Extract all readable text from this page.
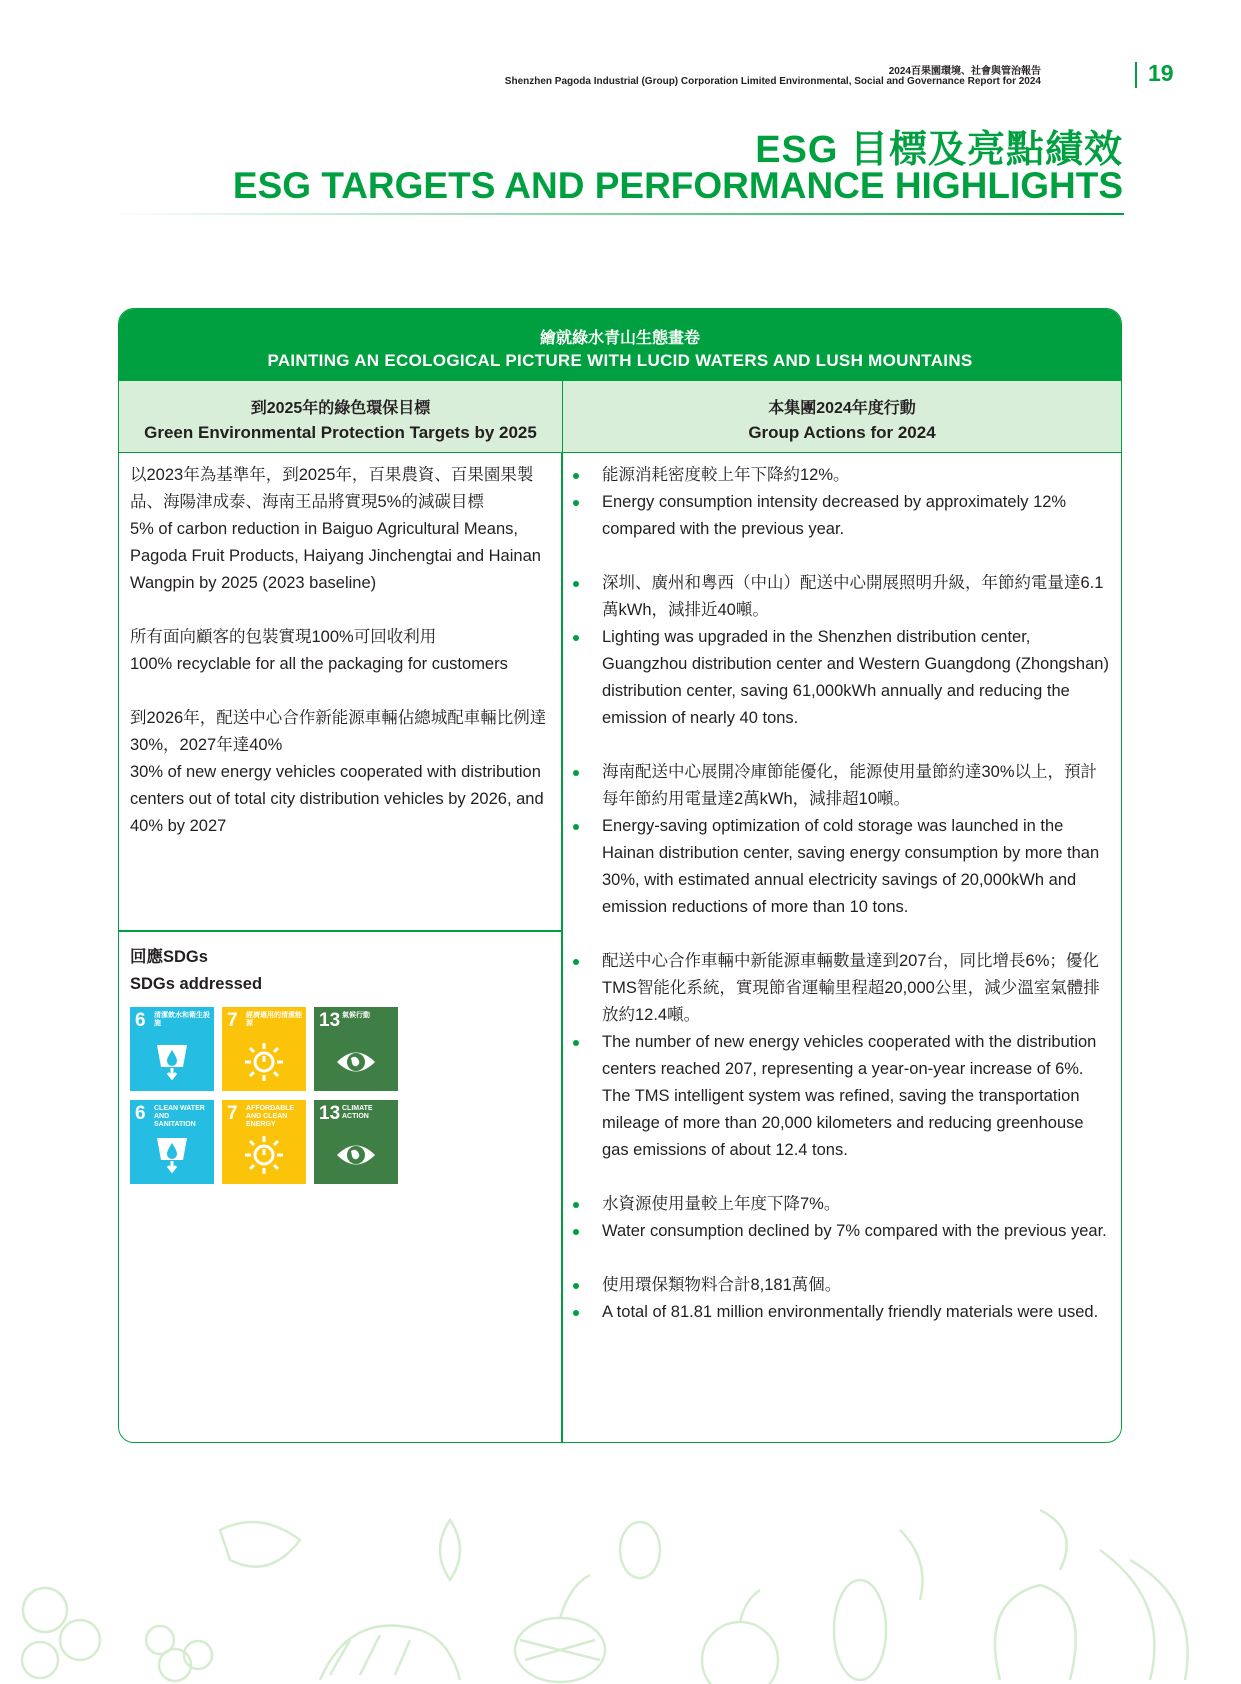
2024百果園環境、社會與管治報告
Shenzhen Pagoda Industrial (Group) Corporation Limited Environmental, Social and Governance Report for 2024	19
ESG 目標及亮點績效
ESG TARGETS AND PERFORMANCE HIGHLIGHTS
繪就綠水青山生態畫卷
PAINTING AN ECOLOGICAL PICTURE WITH LUCID WATERS AND LUSH MOUNTAINS
到2025年的綠色環保目標
Green Environmental Protection Targets by 2025
本集團2024年度行動
Group Actions for 2024

以2023年為基準年，到2025年，百果農資、百果園果製品、海陽津成泰、海南王品將實現5%的減碳目標
5% of carbon reduction in Baiguo Agricultural Means, Pagoda Fruit Products, Haiyang Jinchengtai and Hainan Wangpin by 2025 (2023 baseline)

所有面向顧客的包裝實現100%可回收利用
100% recyclable for all the packaging for customers

到2026年，配送中心合作新能源車輛佔總城配車輛比例達30%，2027年達40%
30% of new energy vehicles cooperated with distribution centers out of total city distribution vehicles by 2026, and 40% by 2027

回應SDGs
SDGs addressed
6 清潔飲水和衛生設施	7 經濟適用的清潔能源	13 氣候行動
6 CLEAN WATER AND SANITATION
7 AFFORDABLE AND CLEAN ENERGY
13 CLIMATE ACTION
能源消耗密度較上年下降約12%。
Energy consumption intensity decreased by approximately 12% compared with the previous year.
深圳、廣州和粵西（中山）配送中心開展照明升級，年節約電量達6.1萬kWh，減排近40噸。
Lighting was upgraded in the Shenzhen distribution center, Guangzhou distribution center and Western Guangdong (Zhongshan) distribution center, saving 61,000kWh annually and reducing the emission of nearly 40 tons.
海南配送中心展開冷庫節能優化，能源使用量節約達30%以上，預計每年節約用電量達2萬kWh，減排超10噸。
Energy-saving optimization of cold storage was launched in the Hainan distribution center, saving energy consumption by more than 30%, with estimated annual electricity savings of 20,000kWh and emission reductions of more than 10 tons.
配送中心合作車輛中新能源車輛數量達到207台，同比增長6%；優化TMS智能化系統，實現節省運輸里程超20,000公里，減少溫室氣體排放約12.4噸。
The number of new energy vehicles cooperated with the distribution centers reached 207, representing a year-on-year increase of 6%. The TMS intelligent system was refined, saving the transportation mileage of more than 20,000 kilometers and reducing greenhouse gas emissions of about 12.4 tons.
水資源使用量較上年度下降7%。
Water consumption declined by 7% compared with the previous year.
使用環保類物料合計8,181萬個。
A total of 81.81 million environmentally friendly materials were used.
